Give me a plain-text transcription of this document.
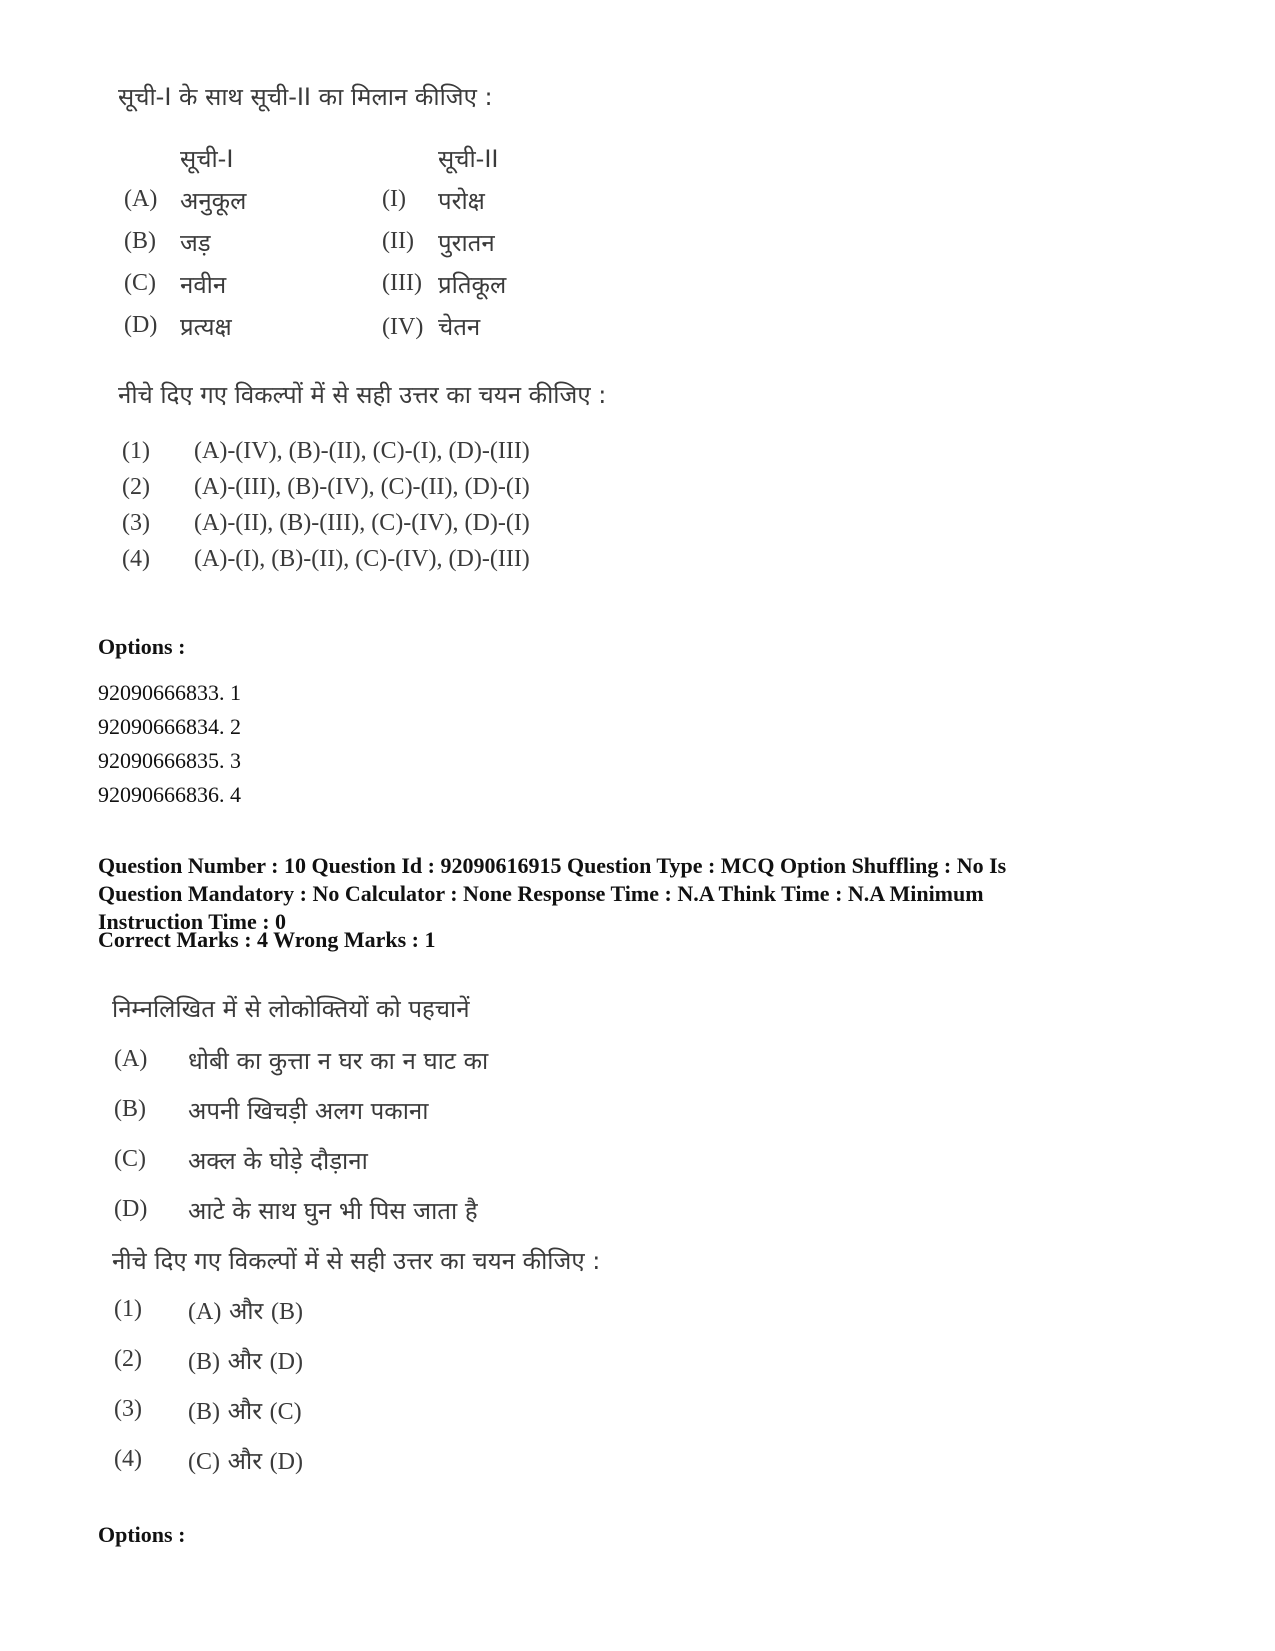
सूची-I के साथ सूची-II का मिलान कीजिए :
सूची-I	सूची-II
(A) अनुकूल	(I) परोक्ष
(B) जड़	(II) पुरातन
(C) नवीन	(III) प्रतिकूल
(D) प्रत्यक्ष	(IV) चेतन
नीचे दिए गए विकल्पों में से सही उत्तर का चयन कीजिए :
(1) (A)-(IV), (B)-(II), (C)-(I), (D)-(III)
(2) (A)-(III), (B)-(IV), (C)-(II), (D)-(I)
(3) (A)-(II), (B)-(III), (C)-(IV), (D)-(I)
(4) (A)-(I), (B)-(II), (C)-(IV), (D)-(III)
Options :
92090666833. 1
92090666834. 2
92090666835. 3
92090666836. 4
Question Number : 10 Question Id : 92090616915 Question Type : MCQ Option Shuffling : No Is
Question Mandatory : No Calculator : None Response Time : N.A Think Time : N.A Minimum
Instruction Time : 0
Correct Marks : 4 Wrong Marks : 1
निम्नलिखित में से लोकोक्तियों को पहचानें
(A) धोबी का कुत्ता न घर का न घाट का
(B) अपनी खिचड़ी अलग पकाना
(C) अक्ल के घोड़े दौड़ाना
(D) आटे के साथ घुन भी पिस जाता है
नीचे दिए गए विकल्पों में से सही उत्तर का चयन कीजिए :
(1) (A) और (B)
(2) (B) और (D)
(3) (B) और (C)
(4) (C) और (D)
Options :
